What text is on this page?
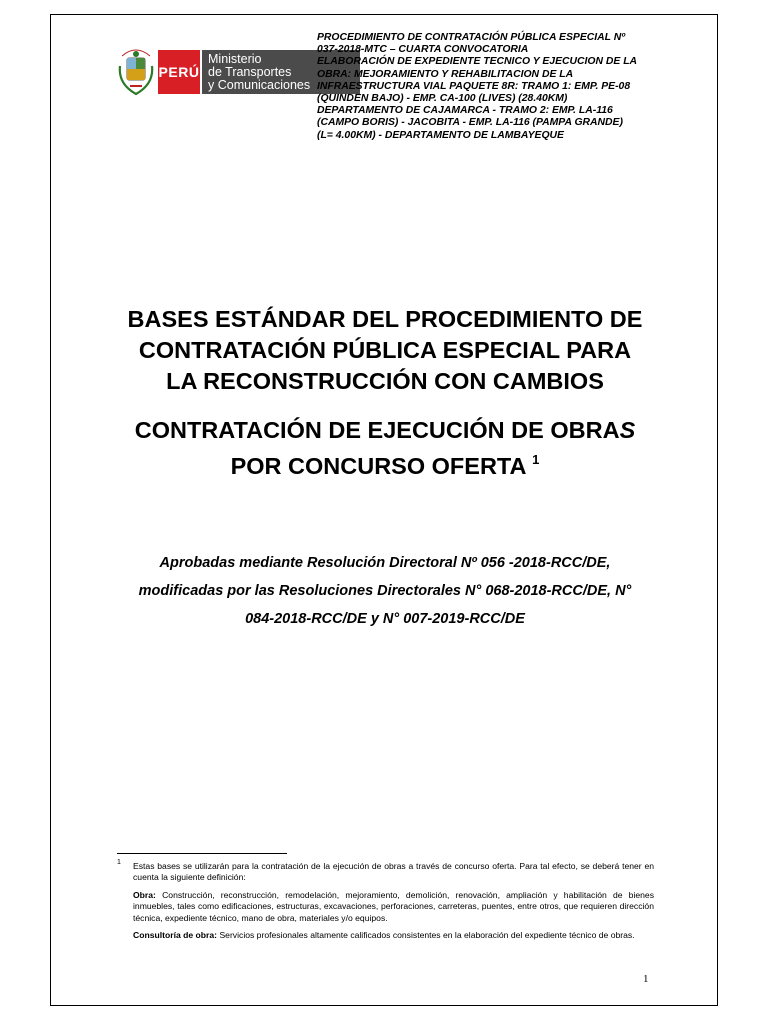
PERÚ
Ministerio
de Transportes
y Comunicaciones
PROCEDIMIENTO DE CONTRATACIÓN PÚBLICA ESPECIAL Nº
037-2018-MTC – CUARTA CONVOCATORIA
ELABORACIÓN DE EXPEDIENTE TECNICO Y EJECUCION DE LA
OBRA: MEJORAMIENTO Y REHABILITACION DE LA
INFRAESTRUCTURA VIAL PAQUETE 8R: TRAMO 1: EMP. PE-08
(QUINDEN BAJO) - EMP. CA-100 (LIVES) (28.40KM)
DEPARTAMENTO DE CAJAMARCA - TRAMO 2: EMP. LA-116
(CAMPO BORIS) - JACOBITA - EMP. LA-116 (PAMPA GRANDE)
(L= 4.00KM) - DEPARTAMENTO DE LAMBAYEQUE
BASES ESTÁNDAR DEL PROCEDIMIENTO DE
CONTRATACIÓN PÚBLICA ESPECIAL PARA
LA RECONSTRUCCIÓN CON CAMBIOS
CONTRATACIÓN DE EJECUCIÓN DE OBRAS
POR CONCURSO OFERTA $^1$
Aprobadas mediante Resolución Directoral Nº 056 -2018-RCC/DE,
modificadas por las Resoluciones Directorales N° 068-2018-RCC/DE, N°
084-2018-RCC/DE y N° 007-2019-RCC/DE
1 Estas bases se utilizarán para la contratación de la ejecución de obras a través de concurso oferta. Para tal efecto, se deberá tener en cuenta la siguiente definición:

Obra: Construcción, reconstrucción, remodelación, mejoramiento, demolición, renovación, ampliación y habilitación de bienes inmuebles, tales como edificaciones, estructuras, excavaciones, perforaciones, carreteras, puentes, entre otros, que requieren dirección técnica, expediente técnico, mano de obra, materiales y/o equipos.

Consultoría de obra: Servicios profesionales altamente calificados consistentes en la elaboración del expediente técnico de obras.

1
